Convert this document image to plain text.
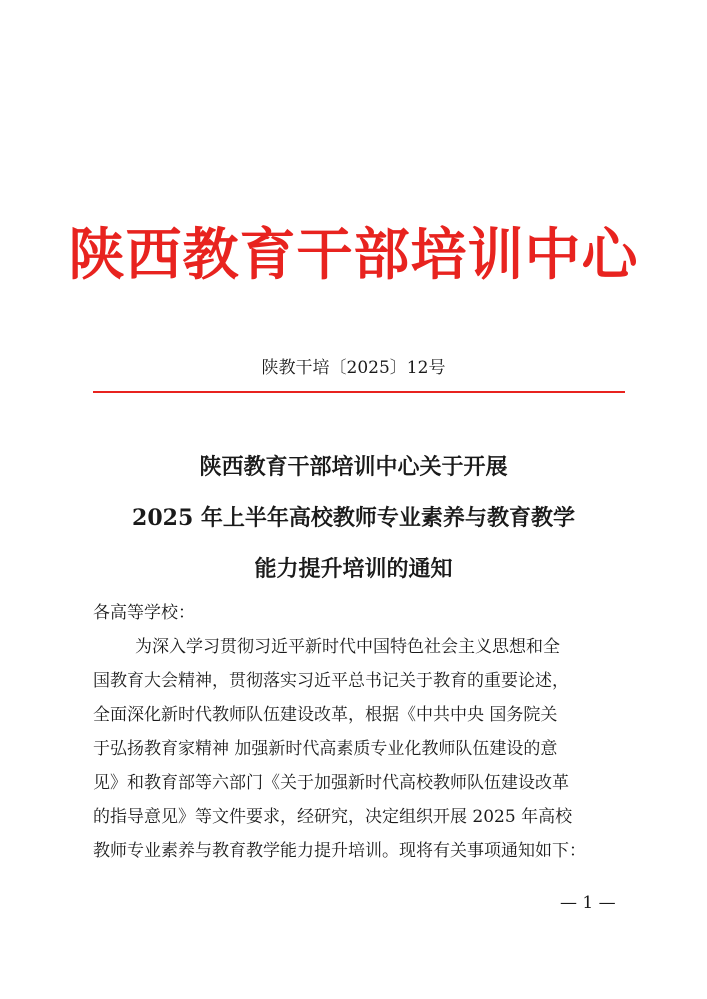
陕西教育干部培训中心
陕教干培〔2025〕12号
陕西教育干部培训中心关于开展
2025 年上半年高校教师专业素养与教育教学
能力提升培训的通知
各高等学校：
为深入学习贯彻习近平新时代中国特色社会主义思想和全
国教育大会精神，贯彻落实习近平总书记关于教育的重要论述，
全面深化新时代教师队伍建设改革，根据《中共中央 国务院关
于弘扬教育家精神 加强新时代高素质专业化教师队伍建设的意
见》和教育部等六部门《关于加强新时代高校教师队伍建设改革
的指导意见》等文件要求，经研究，决定组织开展 2025 年高校
教师专业素养与教育教学能力提升培训。现将有关事项通知如下：
— 1 —
